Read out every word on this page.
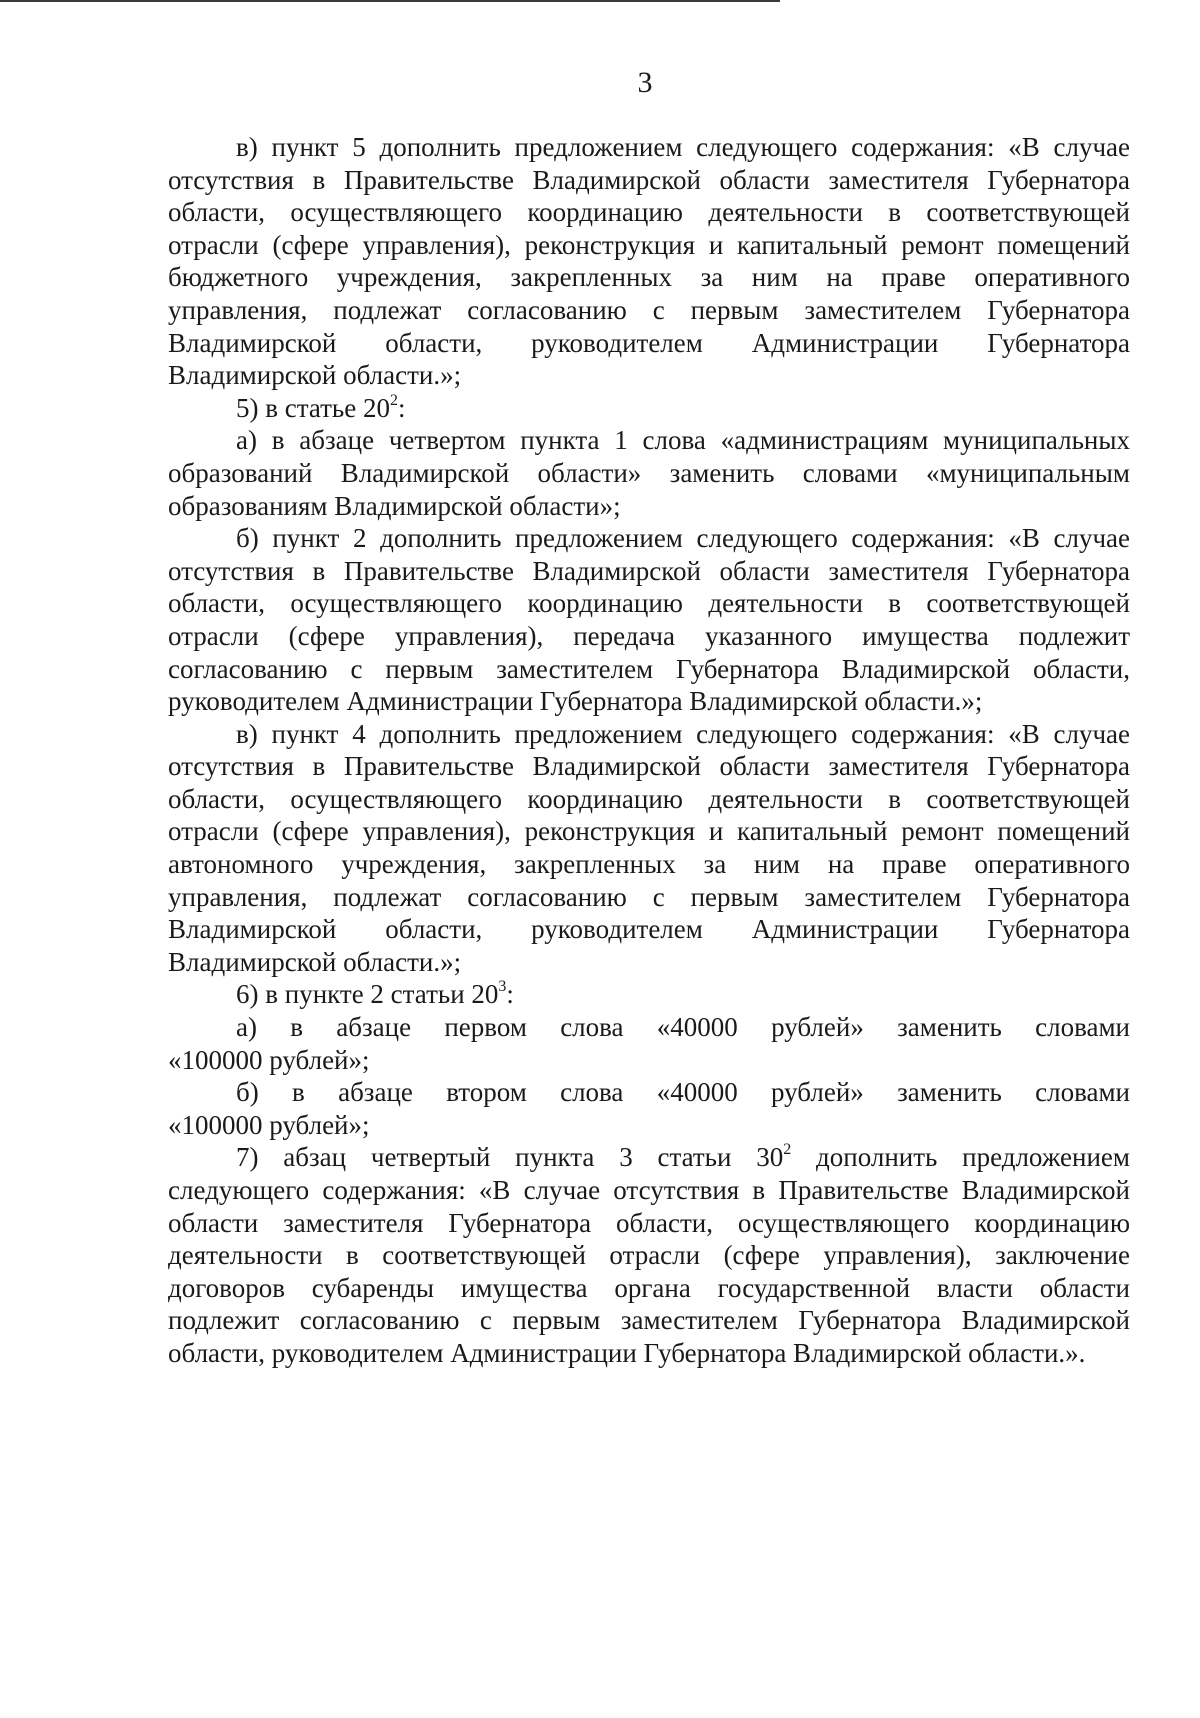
3
в) пункт 5 дополнить предложением следующего содержания: «В случае
отсутствия в Правительстве Владимирской области заместителя Губернатора
области, осуществляющего координацию деятельности в соответствующей
отрасли (сфере управления), реконструкция и капитальный ремонт помещений
бюджетного учреждения, закрепленных за ним на праве оперативного
управления, подлежат согласованию с первым заместителем Губернатора
Владимирской области, руководителем Администрации Губернатора
Владимирской области.»;
5) в статье $20^2$:
а) в абзаце четвертом пункта 1 слова «администрациям муниципальных
образований Владимирской области» заменить словами «муниципальным
образованиям Владимирской области»;
б) пункт 2 дополнить предложением следующего содержания: «В случае
отсутствия в Правительстве Владимирской области заместителя Губернатора
области, осуществляющего координацию деятельности в соответствующей
отрасли (сфере управления), передача указанного имущества подлежит
согласованию с первым заместителем Губернатора Владимирской области,
руководителем Администрации Губернатора Владимирской области.»;
в) пункт 4 дополнить предложением следующего содержания: «В случае
отсутствия в Правительстве Владимирской области заместителя Губернатора
области, осуществляющего координацию деятельности в соответствующей
отрасли (сфере управления), реконструкция и капитальный ремонт помещений
автономного учреждения, закрепленных за ним на праве оперативного
управления, подлежат согласованию с первым заместителем Губернатора
Владимирской области, руководителем Администрации Губернатора
Владимирской области.»;
6) в пункте 2 статьи $20^3$:
а) в абзаце первом слова «40000 рублей» заменить словами
«100000 рублей»;
б) в абзаце втором слова «40000 рублей» заменить словами
«100000 рублей»;
7) абзац четвертый пункта 3 статьи $30^2$ дополнить предложением
следующего содержания: «В случае отсутствия в Правительстве Владимирской
области заместителя Губернатора области, осуществляющего координацию
деятельности в соответствующей отрасли (сфере управления), заключение
договоров субаренды имущества органа государственной власти области
подлежит согласованию с первым заместителем Губернатора Владимирской
области, руководителем Администрации Губернатора Владимирской области.».
